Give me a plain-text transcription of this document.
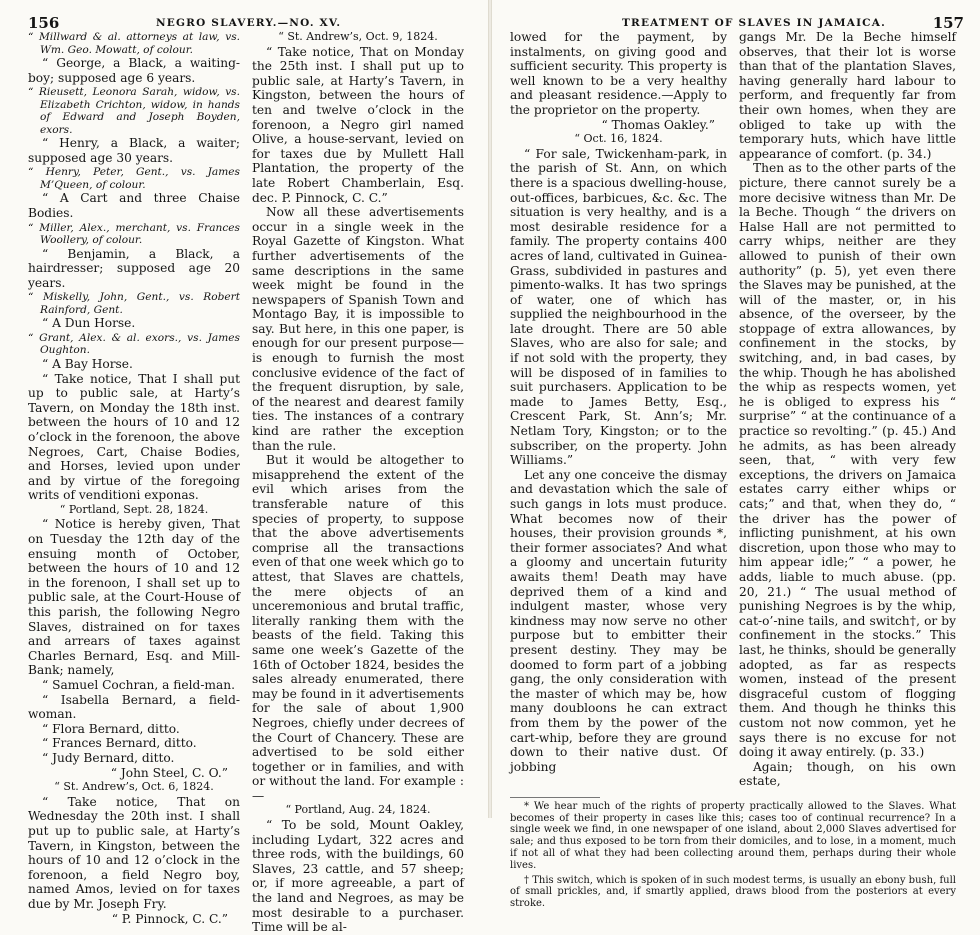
156	NEGRO SLAVERY.—NO. XV.

“ Millward & al. attorneys at law, vs. Wm. Geo. Mowatt, of colour.

“ George, a Black, a waiting-boy; supposed age 6 years.

“ Rieusett, Leonora Sarah, widow, vs. Elizabeth Crichton, widow, in hands of Edward and Joseph Boyden, exors.

“ Henry, a Black, a waiter; supposed age 30 years.

“ Henry, Peter, Gent., vs. James M’Queen, of colour.

“ A Cart and three Chaise Bodies.

“ Miller, Alex., merchant, vs. Frances Woollery, of colour.

“ Benjamin, a Black, a hairdresser; supposed age 20 years.

“ Miskelly, John, Gent., vs. Robert Rainford, Gent.

“ A Dun Horse.

“ Grant, Alex. & al. exors., vs. James Oughton.

“ A Bay Horse.

“ Take notice, That I shall put up to public sale, at Harty’s Tavern, on Monday the 18th inst. between the hours of 10 and 12 o’clock in the forenoon, the above Negroes, Cart, Chaise Bodies, and Horses, levied upon under and by virtue of the foregoing writs of venditioni exponas.

“ Portland, Sept. 28, 1824.

“ Notice is hereby given, That on Tuesday the 12th day of the ensuing month of October, between the hours of 10 and 12 in the forenoon, I shall set up to public sale, at the Court-House of this parish, the following Negro Slaves, distrained on for taxes and arrears of taxes against Charles Bernard, Esq. and Mill-Bank; namely,

“ Samuel Cochran, a field-man.

“ Isabella Bernard, a field-woman.

“ Flora Bernard, ditto.

“ Frances Bernard, ditto.

“ Judy Bernard, ditto.

“ John Steel, C. O.”

“ St. Andrew’s, Oct. 6, 1824.

“ Take notice, That on Wednesday the 20th inst. I shall put up to public sale, at Harty’s Tavern, in Kingston, between the hours of 10 and 12 o’clock in the forenoon, a field Negro boy, named Amos, levied on for taxes due by Mr. Joseph Fry.

“ P. Pinnock, C. C.”

“ St. Andrew’s, Oct. 9, 1824.

“ Take notice, That on Monday the 25th inst. I shall put up to public sale, at Harty’s Tavern, in Kingston, between the hours of ten and twelve o’clock in the forenoon, a Negro girl named Olive, a house-servant, levied on for taxes due by Mullett Hall Plantation, the property of the late Robert Chamberlain, Esq. dec. P. Pinnock, C. C.”

Now all these advertisements occur in a single week in the Royal Gazette of Kingston. What further advertisements of the same descriptions in the same week might be found in the newspapers of Spanish Town and Montago Bay, it is impossible to say. But here, in this one paper, is enough for our present purpose—is enough to furnish the most conclusive evidence of the fact of the frequent disruption, by sale, of the nearest and dearest family ties. The instances of a contrary kind are rather the exception than the rule.

But it would be altogether to misapprehend the extent of the evil which arises from the transferable nature of this species of property, to suppose that the above advertisements comprise all the transactions even of that one week which go to attest, that Slaves are chattels, the mere objects of an unceremonious and brutal traffic, literally ranking them with the beasts of the field. Taking this same one week’s Gazette of the 16th of October 1824, besides the sales already enumerated, there may be found in it advertisements for the sale of about 1,900 Negroes, chiefly under decrees of the Court of Chancery. These are advertised to be sold either together or in families, and with or without the land. For example :—

“ Portland, Aug. 24, 1824.

“ To be sold, Mount Oakley, including Lydart, 322 acres and three rods, with the buildings, 60 Slaves, 23 cattle, and 57 sheep; or, if more agreeable, a part of the land and Negroes, as may be most desirable to a purchaser. Time will be al-

TREATMENT OF SLAVES IN JAMAICA.	157

lowed for the payment, by instalments, on giving good and sufficient security. This property is well known to be a very healthy and pleasant residence.—Apply to the proprietor on the property.

“ Thomas Oakley.”

“ Oct. 16, 1824.

“ For sale, Twickenham-park, in the parish of St. Ann, on which there is a spacious dwelling-house, out-offices, barbicues, &c. &c. The situation is very healthy, and is a most desirable residence for a family. The property contains 400 acres of land, cultivated in Guinea-Grass, subdivided in pastures and pimento-walks. It has two springs of water, one of which has supplied the neighbourhood in the late drought. There are 50 able Slaves, who are also for sale; and if not sold with the property, they will be disposed of in families to suit purchasers. Application to be made to James Betty, Esq., Crescent Park, St. Ann’s; Mr. Netlam Tory, Kingston; or to the subscriber, on the property. John Williams.”

Let any one conceive the dismay and devastation which the sale of such gangs in lots must produce. What becomes now of their houses, their provision grounds *, their former associates? And what a gloomy and uncertain futurity awaits them! Death may have deprived them of a kind and indulgent master, whose very kindness may now serve no other purpose but to embitter their present destiny. They may be doomed to form part of a jobbing gang, the only consideration with the master of which may be, how many doubloons he can extract from them by the power of the cart-whip, before they are ground down to their native dust. Of jobbing

gangs Mr. De la Beche himself observes, that their lot is worse than that of the plantation Slaves, having generally hard labour to perform, and frequently far from their own homes, when they are obliged to take up with the temporary huts, which have little appearance of comfort. (p. 34.)

Then as to the other parts of the picture, there cannot surely be a more decisive witness than Mr. De la Beche. Though “ the drivers on Halse Hall are not permitted to carry whips, neither are they allowed to punish of their own authority” (p. 5), yet even there the Slaves may be punished, at the will of the master, or, in his absence, of the overseer, by the stoppage of extra allowances, by confinement in the stocks, by switching, and, in bad cases, by the whip. Though he has abolished the whip as respects women, yet he is obliged to express his “ surprise” “ at the continuance of a practice so revolting.” (p. 45.) And he admits, as has been already seen, that, “ with very few exceptions, the drivers on Jamaica estates carry either whips or cats;” and that, when they do, “ the driver has the power of inflicting punishment, at his own discretion, upon those who may to him appear idle;” “ a power, he adds, liable to much abuse. (pp. 20, 21.) “ The usual method of punishing Negroes is by the whip, cat-o’-nine tails, and switch†, or by confinement in the stocks.” This last, he thinks, should be generally adopted, as far as respects women, instead of the present disgraceful custom of flogging them. And though he thinks this custom not now common, yet he says there is no excuse for not doing it away entirely. (p. 33.)

Again; though, on his own estate,

* We hear much of the rights of property practically allowed to the Slaves. What becomes of their property in cases like this; cases too of continual recurrence? In a single week we find, in one newspaper of one island, about 2,000 Slaves advertised for sale; and thus exposed to be torn from their domiciles, and to lose, in a moment, much if not all of what they had been collecting around them, perhaps during their whole lives.

† This switch, which is spoken of in such modest terms, is usually an ebony bush, full of small prickles, and, if smartly applied, draws blood from the posteriors at every stroke.
